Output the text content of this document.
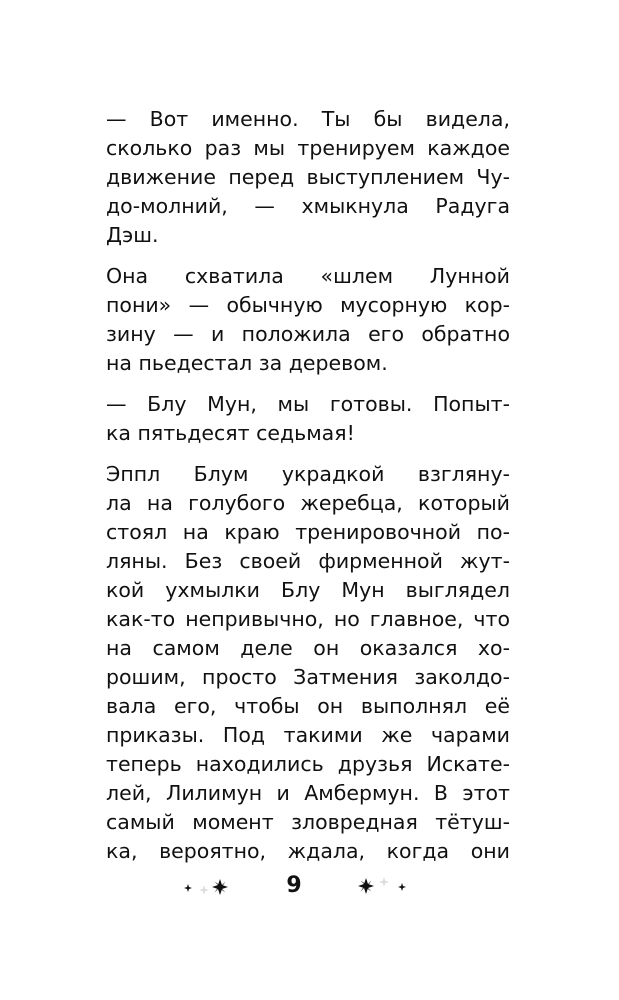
— Вот именно. Ты бы видела,
сколько раз мы тренируем каждое
движение перед выступлением Чу-
до-молний, — хмыкнула Радуга
Дэш.
Она схватила «шлем Лунной
пони» — обычную мусорную кор-
зину — и положила его обратно
на пьедестал за деревом.
— Блу Мун, мы готовы. Попыт-
ка пятьдесят седьмая!
Эппл Блум украдкой взгляну-
ла на голубого жеребца, который
стоял на краю тренировочной по-
ляны. Без своей фирменной жут-
кой ухмылки Блу Мун выглядел
как-то непривычно, но главное, что
на самом деле он оказался хо-
рошим, просто Затмения заколдо-
вала его, чтобы он выполнял её
приказы. Под такими же чарами
теперь находились друзья Искате-
лей, Лилимун и Амбермун. В этот
самый момент зловредная тётуш-
ка, вероятно, ждала, когда они
9
